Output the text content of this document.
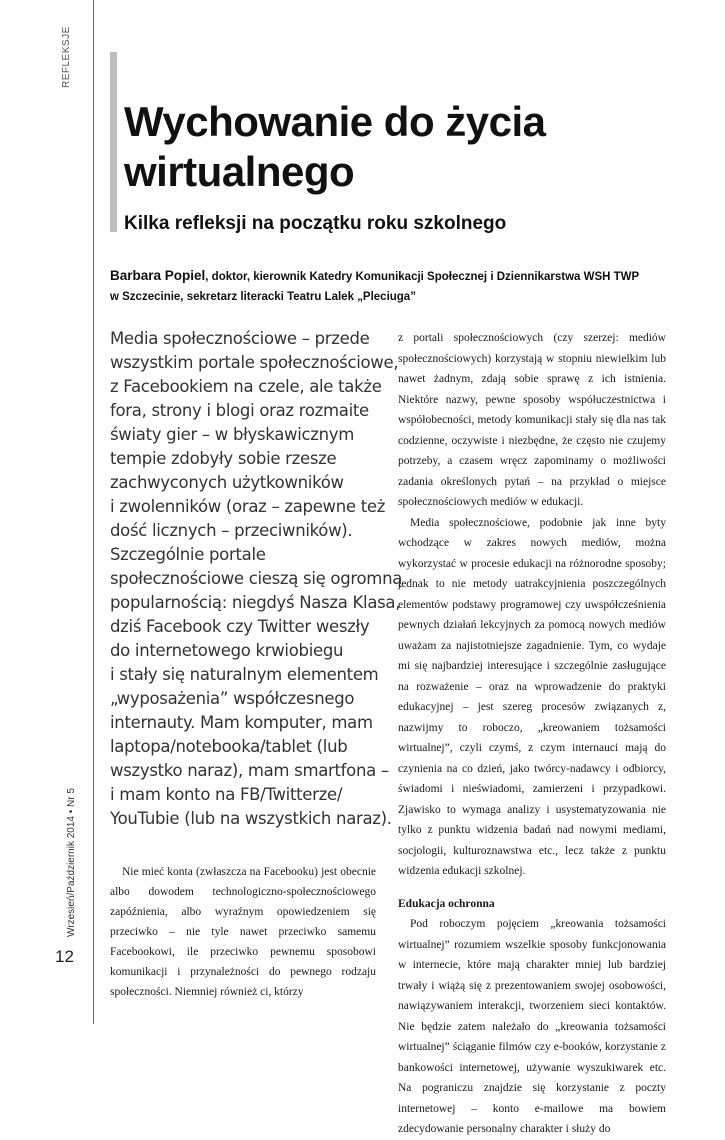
REFLEKSJE
Wrzesień/Październik 2014 • Nr 5
12
Wychowanie do życia wirtualnego
Kilka refleksji na początku roku szkolnego
Barbara Popiel, doktor, kierownik Katedry Komunikacji Społecznej i Dziennikarstwa WSH TWP
w Szczecinie, sekretarz literacki Teatru Lalek „Pleciuga”
Media społecznościowe – przede
wszystkim portale społecznościowe,
z Facebookiem na czele, ale także
fora, strony i blogi oraz rozmaite
światy gier – w błyskawicznym
tempie zdobyły sobie rzesze
zachwyconych użytkowników
i zwolenników (oraz – zapewne też
dość licznych – przeciwników).
Szczególnie portale
społecznościowe cieszą się ogromną
popularnością: niegdyś Nasza Klasa,
dziś Facebook czy Twitter weszły
do internetowego krwiobiegu
i stały się naturalnym elementem
„wyposażenia” współczesnego
internauty. Mam komputer, mam
laptopa/notebooka/tablet (lub
wszystko naraz), mam smartfona –
i mam konto na FB/Twitterze/
YouTubie (lub na wszystkich naraz).

Nie mieć konta (zwłaszcza na Facebooku) jest obecnie albo dowodem technologiczno-społecznościowego zapóźnienia, albo wyraźnym opowiedzeniem się przeciwko – nie tyle nawet przeciwko samemu Facebookowi, ile przeciwko pewnemu sposobowi komunikacji i przynależności do pewnego rodzaju społeczności. Niemniej również ci, którzy

z portali społecznościowych (czy szerzej: mediów społecznościowych) korzystają w stopniu niewielkim lub nawet żadnym, zdają sobie sprawę z ich istnienia. Niektóre nazwy, pewne sposoby współuczestnictwa i współobecności, metody komunikacji stały się dla nas tak codzienne, oczywiste i niezbędne, że często nie czujemy potrzeby, a czasem wręcz zapominamy o możliwości zadania określonych pytań – na przykład o miejsce społecznościowych mediów w edukacji.

Media społecznościowe, podobnie jak inne byty wchodzące w zakres nowych mediów, można wykorzystać w procesie edukacji na różnorodne sposoby; jednak to nie metody uatrakcyjnienia poszczególnych elementów podstawy programowej czy uwspółcześnienia pewnych działań lekcyjnych za pomocą nowych mediów uważam za najistotniejsze zagadnienie. Tym, co wydaje mi się najbardziej interesujące i szczególnie zasługujące na rozważenie – oraz na wprowadzenie do praktyki edukacyjnej – jest szereg procesów związanych z, nazwijmy to roboczo, „kreowaniem tożsamości wirtualnej”, czyli czymś, z czym internauci mają do czynienia na co dzień, jako twórcy-nadawcy i odbiorcy, świadomi i nieświadomi, zamierzeni i przypadkowi. Zjawisko to wymaga analizy i usystematyzowania nie tylko z punktu widzenia badań nad nowymi mediami, socjologii, kulturoznawstwa etc., lecz także z punktu widzenia edukacji szkolnej.

Edukacja ochronna

Pod roboczym pojęciem „kreowania tożsamości wirtualnej” rozumiem wszelkie sposoby funkcjonowania w internecie, które mają charakter mniej lub bardziej trwały i wiążą się z prezentowaniem swojej osobowości, nawiązywaniem interakcji, tworzeniem sieci kontaktów. Nie będzie zatem należało do „kreowania tożsamości wirtualnej” ściąganie filmów czy e-booków, korzystanie z bankowości internetowej, używanie wyszukiwarek etc. Na pograniczu znajdzie się korzystanie z poczty internetowej – konto e-mailowe ma bowiem zdecydowanie personalny charakter i służy do
